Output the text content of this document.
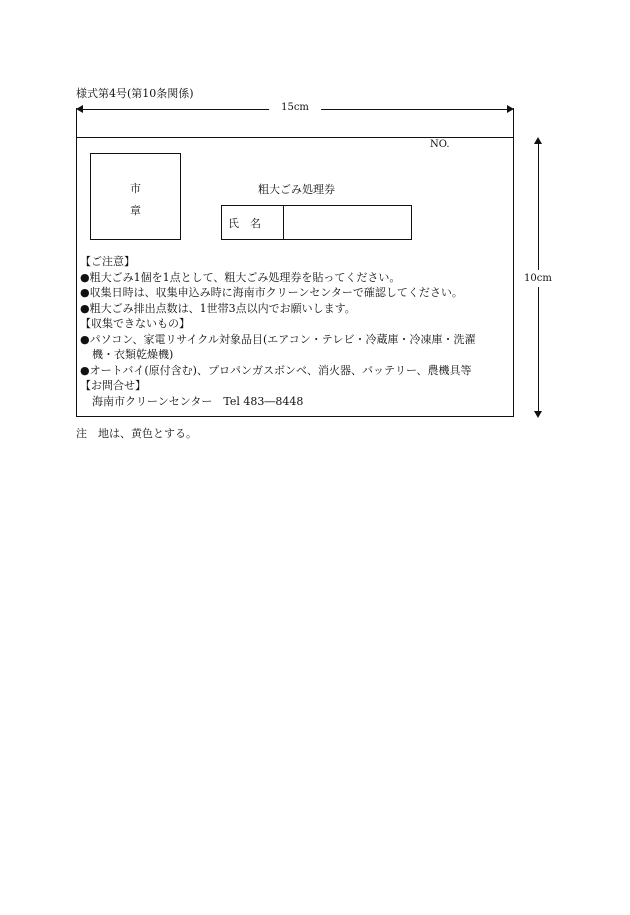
様式第4号(第10条関係)
15cm
10cm
NO.
市
章
粗大ごみ処理券
氏　名
【ご注意】
●粗大ごみ1個を1点として、粗大ごみ処理券を貼ってください。
●収集日時は、収集申込み時に海南市クリーンセンターで確認してください。
●粗大ごみ排出点数は、1世帯3点以内でお願いします。
【収集できないもの】
●パソコン、家電リサイクル対象品目(エアコン・テレビ・冷蔵庫・冷凍庫・洗濯
機・衣類乾燥機)
●オートバイ(原付含む)、プロパンガスボンベ、消火器、バッテリー、農機具等
【お問合せ】
海南市クリーンセンター　Tel 483―8448
注　地は、黄色とする。
